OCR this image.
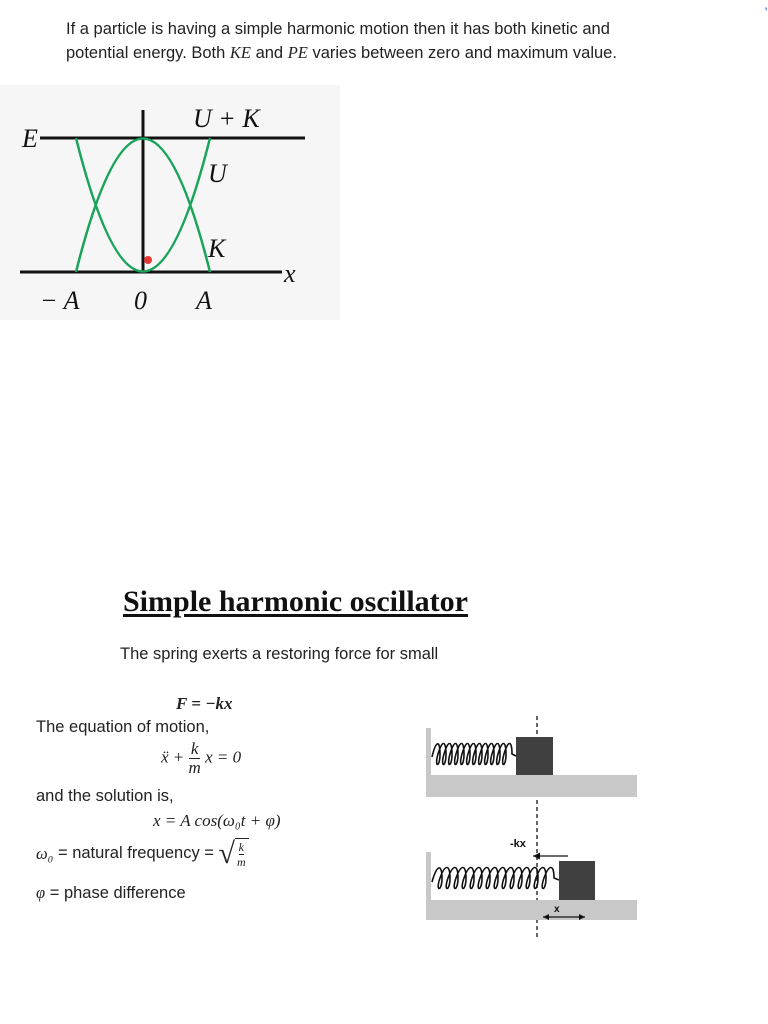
,

If a particle is having a simple harmonic motion then it has both kinetic and

potential energy. Both KE and PE varies between zero and maximum value.

E
U + K
U
K
x
− A 0 A
Simple harmonic oscillator
The spring exerts a restoring force for small
F = −kx
The equation of motion,
ẍ + $\frac{k}{m}$ x = 0
and the solution is,
x = A cos(ω₀t + φ)
ω₀ = natural frequency = √ $\frac{k}{m}$
φ = phase difference
-kx
x
